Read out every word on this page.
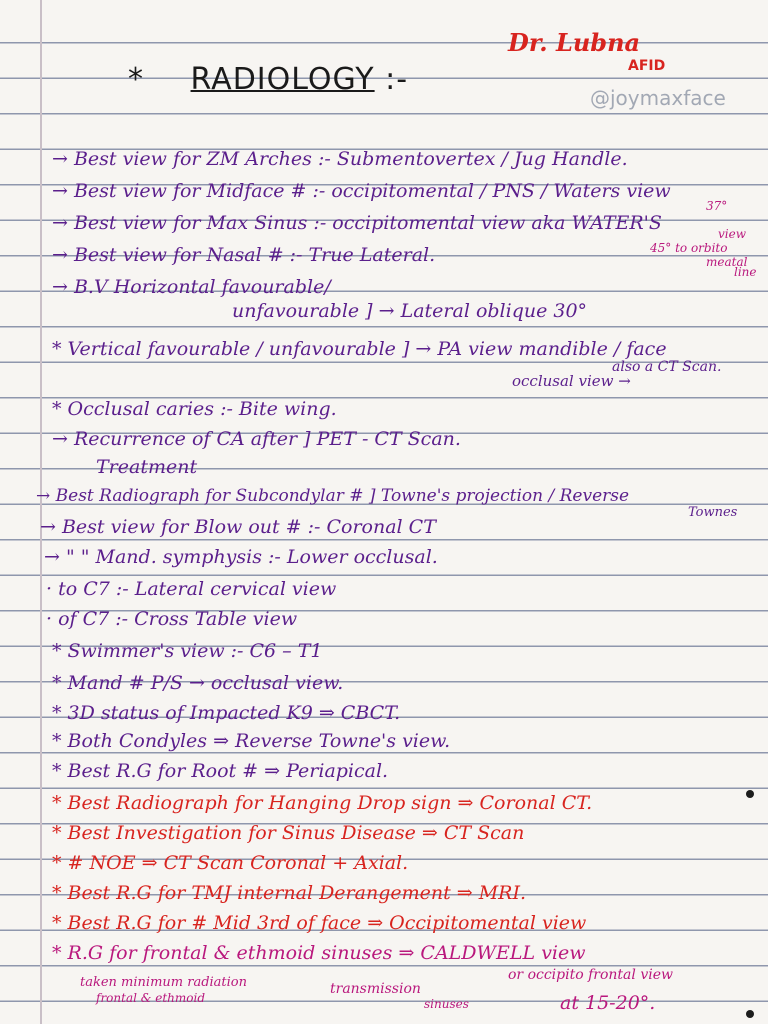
* RADIOLOGY :-
Dr. Lubna
AFID
@joymaxface
→ Best view for ZM Arches :- Submentovertex / Jug Handle.
→ Best view for Midface # :- occipitomental / PNS / Waters view
→ Best view for Max Sinus :- occipitomental view aka WATER'S
37°
view
45° to orbito
meatal
line
→ Best view for Nasal # :- True Lateral.
→ B.V Horizontal favourable/
unfavourable ] → Lateral oblique 30°
* Vertical favourable / unfavourable ] → PA view mandible / face
also a CT Scan.
occlusal view →
* Occlusal caries :- Bite wing.
→ Recurrence of CA after ] PET - CT Scan.
Treatment
→ Best Radiograph for Subcondylar # ] Towne's projection / Reverse
Townes
→ Best view for Blow out # :- Coronal CT
→ " " Mand. symphysis :- Lower occlusal.
· to C7 :- Lateral cervical view
· of C7 :- Cross Table view
* Swimmer's view :- C6 – T1
* Mand # P/S → occlusal view.
* 3D status of Impacted K9 ⇒ CBCT.
* Both Condyles ⇒ Reverse Towne's view.
* Best R.G for Root # ⇒ Periapical.
* Best Radiograph for Hanging Drop sign ⇒ Coronal CT.
* Best Investigation for Sinus Disease ⇒ CT Scan
* # NOE ⇒ CT Scan Coronal + Axial.
* Best R.G for TMJ internal Derangement ⇒ MRI.
* Best R.G for # Mid 3rd of face ⇒ Occipitomental view
* R.G for frontal & ethmoid sinuses ⇒ CALDWELL view
or occipito frontal view
taken minimum radiation	transmission
at 15-20°.
frontal & ethmoid	sinuses
